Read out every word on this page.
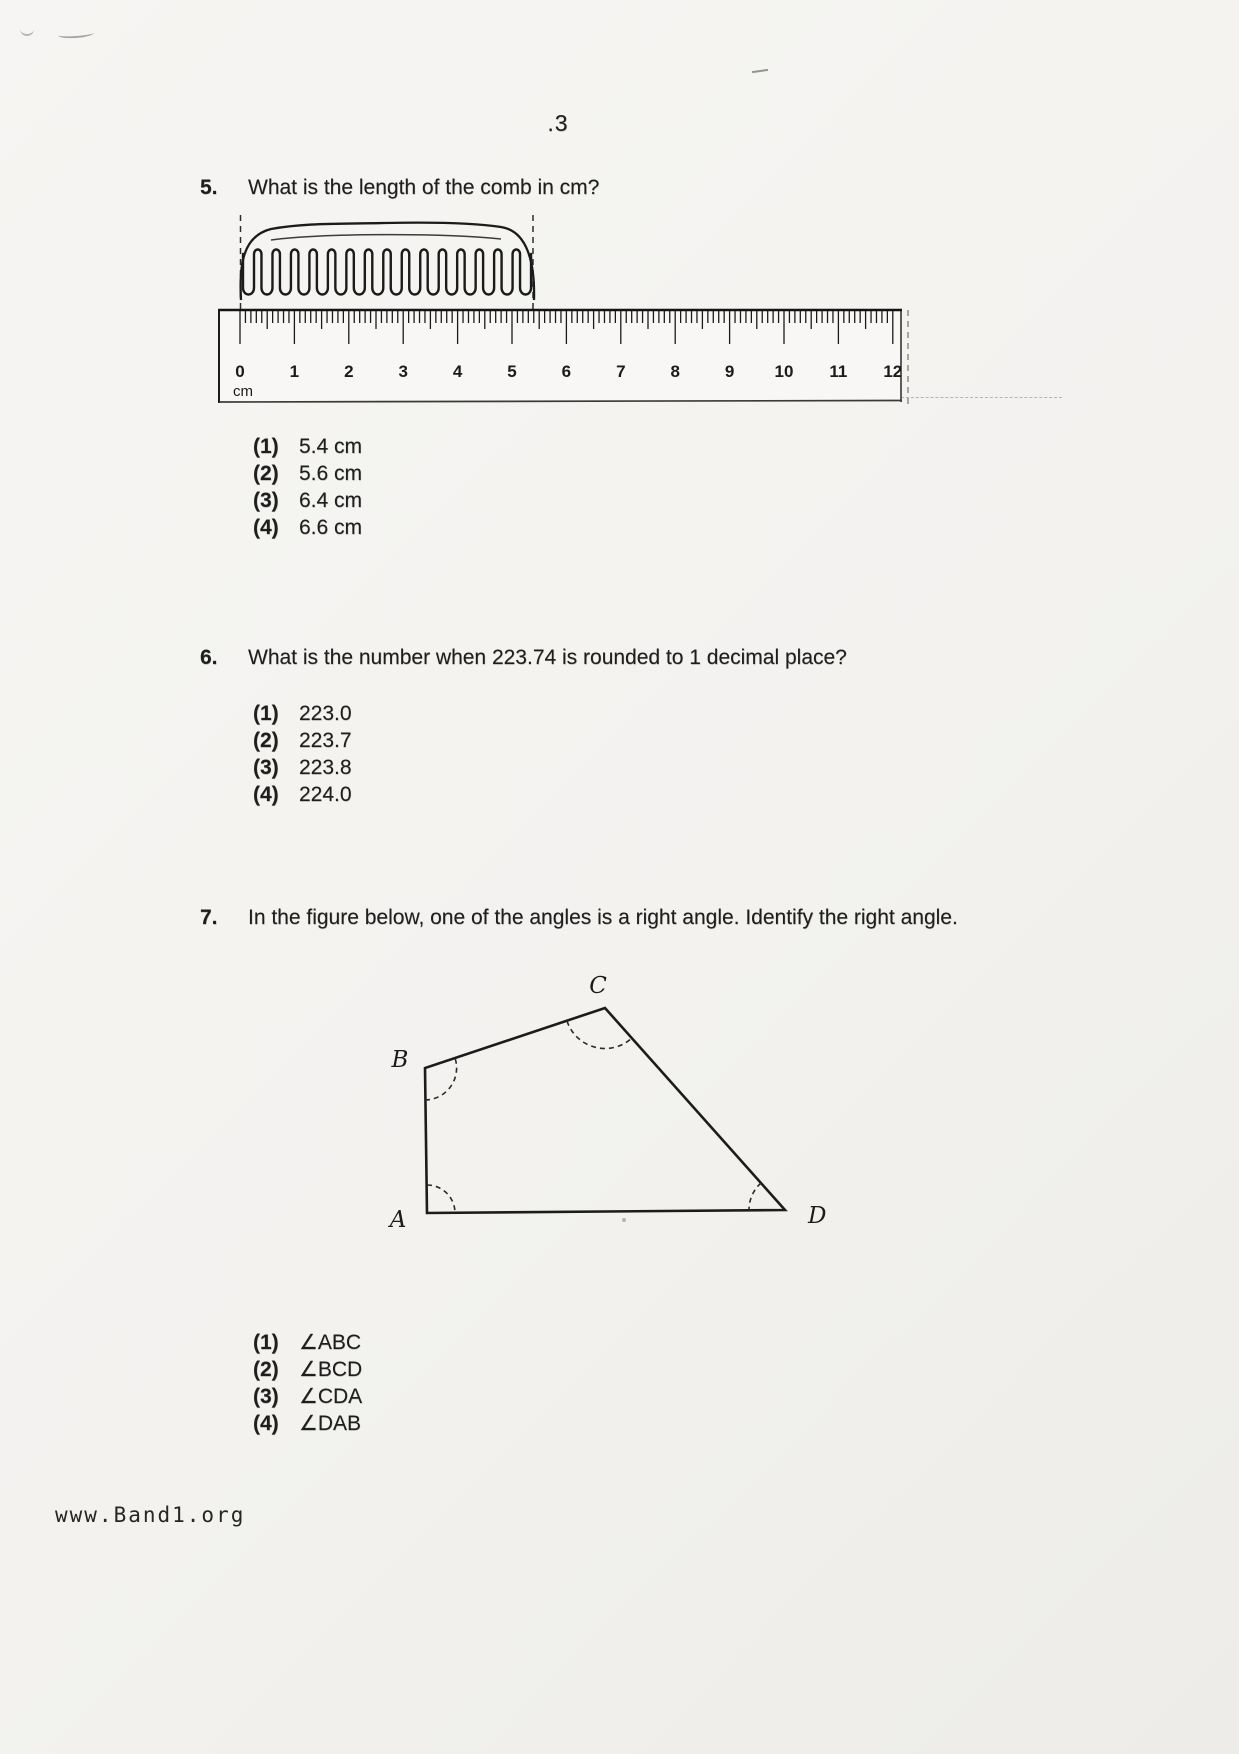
.3
5. What is the length of the comb in cm?
0	1	2	3	4	5	6	7	8	9 10 11 12
cm
(1) 5.4 cm
(2) 5.6 cm
(3) 6.4 cm
(4) 6.6 cm
6. What is the number when 223.74 is rounded to 1 decimal place?
(1) 223.0
(2) 223.7
(3) 223.8
(4) 224.0
7. In the figure below, one of the angles is a right angle. Identify the right angle.
A
B
C
D
(1) ∠ABC
(2) ∠BCD
(3) ∠CDA
(4) ∠DAB
www.Band1.org
